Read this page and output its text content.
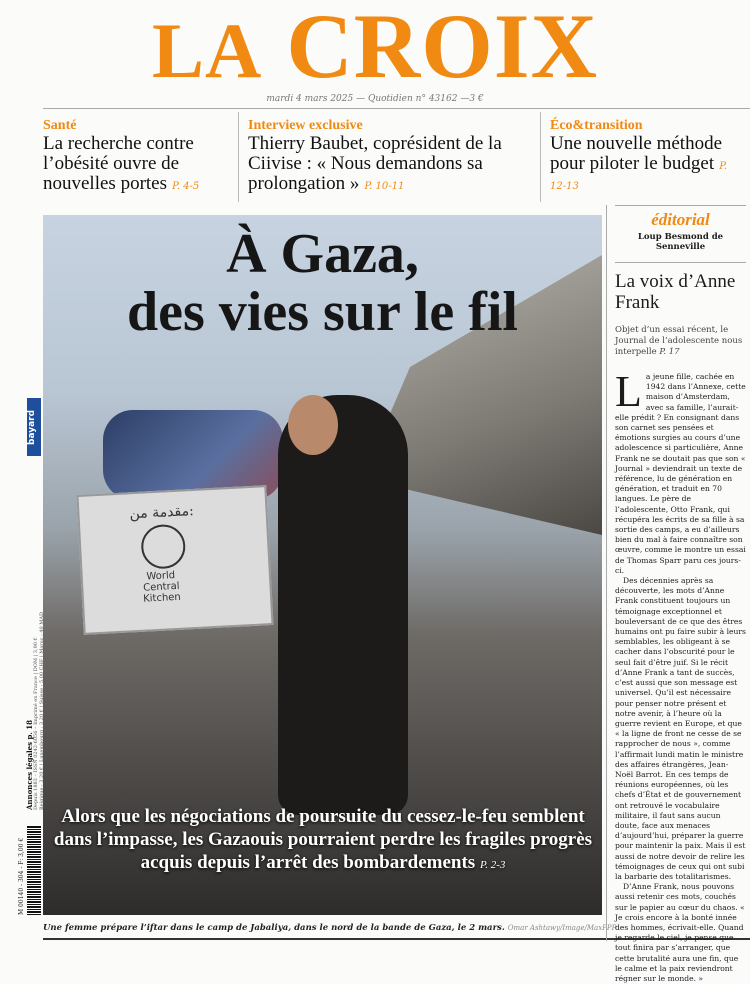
LA CROIX
mardi 4 mars 2025 — Quotidien n° 43162 —3 €
Santé
La recherche contre l’obésité ouvre de nouvelles portes P. 4-5
Interview exclusive
Thierry Baubet, coprésident de la Ciivise : « Nous demandons sa prolongation » P. 10-11
Éco&transition
Une nouvelle méthode pour piloter le budget P. 12-13
مقدمة من:
World Central Kitchen
À Gaza,
des vies sur le fil
Alors que les négociations de poursuite du cessez-le-feu semblent dans l’impasse, les Gazaouis pourraient perdre les fragiles progrès acquis depuis l’arrêt des bombardements P. 2-3
Une femme prépare l’iftar dans le camp de Jabaliya, dans le nord de la bande de Gaza, le 2 mars. Omar Ashtawy/Image/MaxPPP
éditorial
Loup Besmond de Senneville
La voix d’Anne Frank
Objet d’un essai récent, le Journal de l’adolescente nous interpelle P. 17
La jeune fille, cachée en 1942 dans l’Annexe, cette maison d’Amsterdam, avec sa famille, l’aurait-elle prédit ? En consignant dans son carnet ses pensées et émotions surgies au cours d’une adolescence si particulière, Anne Frank ne se doutait pas que son « Journal » deviendrait un texte de référence, lu de génération en génération, et traduit en 70 langues. Le père de l’adolescente, Otto Frank, qui récupéra les écrits de sa fille à sa sortie des camps, a eu d’ailleurs bien du mal à faire connaître son œuvre, comme le montre un essai de Thomas Sparr paru ces jours-ci.
Des décennies après sa découverte, les mots d’Anne Frank constituent toujours un témoignage exceptionnel et bouleversant de ce que des êtres humains ont pu faire subir à leurs semblables, les obligeant à se cacher dans l’obscurité pour le seul fait d’être juif. Si le récit d’Anne Frank a tant de succès, c’est aussi que son message est universel. Qu’il est nécessaire pour penser notre présent et notre avenir, à l’heure où la guerre revient en Europe, et que « la ligne de front ne cesse de se rapprocher de nous », comme l’affirmait lundi matin le ministre des affaires étrangères, Jean-Noël Barrot. En ces temps de réunions européennes, où les chefs d’État et de gouvernement ont retrouvé le vocabulaire militaire, il faut sans aucun doute, face aux menaces d’aujourd’hui, préparer la guerre pour maintenir la paix. Mais il est aussi de notre devoir de relire les témoignages de ceux qui ont subi la barbarie des totalitarismes.
D’Anne Frank, nous pouvons aussi retenir ces mots, couchés sur le papier au cœur du chaos. « Je crois encore à la bonté innée des hommes, écrivait-elle. Quand je regarde le ciel, je pense que tout finira par s’arranger, que cette brutalité aura une fin, que le calme et la paix reviendront régner sur le monde. »
bayard
Annonces légales p. 18 Depuis 1883 – ISSN 0242-6056 – Imprimé en France | DOM | 3,90 € Belgique : 3,20 € | Luxembourg : 3,20 € | Suisse : 5,00 CHF | Maroc : 40 MAD
M 00140 - 304 - F: 3,00 €
